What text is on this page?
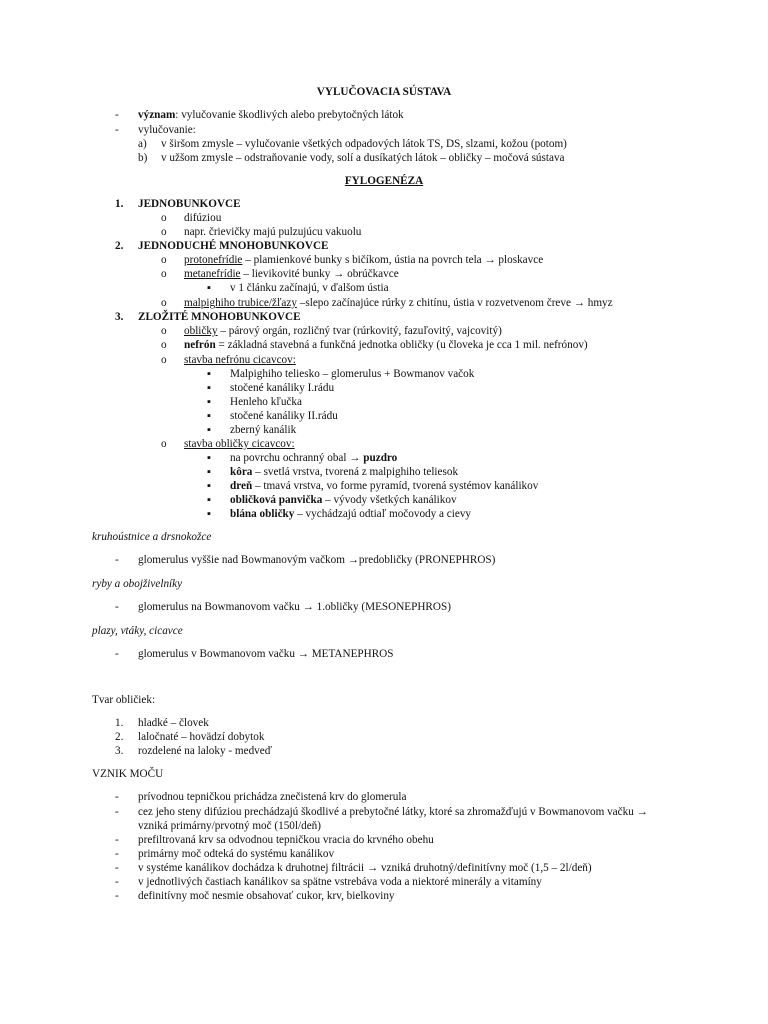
VYLUČOVACIA SÚSTAVA
- význam: vylučovanie škodlivých alebo prebytočných látok
- vylučovanie:
a) v širšom zmysle – vylučovanie všetkých odpadových látok TS, DS, slzami, kožou (potom)
b) v užšom zmysle – odstraňovanie vody, solí a dusíkatých látok – obličky – močová sústava
FYLOGENÉZA
1. JEDNOBUNKOVCE
o difúziou
o napr. črievičky majú pulzujúcu vakuolu
2. JEDNODUCHÉ MNOHOBUNKOVCE
o protonefrídie – plamienkové bunky s bičíkom, ústia na povrch tela → ploskavce
o metanefrídie – lievikovité bunky → obrúčkavce
▪ v 1 článku začínajú, v ďalšom ústia
o malpighiho trubice/žľazy –slepo začínajúce rúrky z chitínu, ústia v rozvetvenom čreve → hmyz
3. ZLOŽITÉ MNOHOBUNKOVCE
o obličky – párový orgán, rozličný tvar (rúrkovitý, fazuľovitý, vajcovitý)
o nefrón = základná stavebná a funkčná jednotka obličky (u človeka je cca 1 mil. nefrónov)
o stavba nefrónu cicavcov:
▪ Malpighiho teliesko – glomerulus + Bowmanov vačok
▪ stočené kanáliky I.rádu
▪ Henleho kľučka
▪ stočené kanáliky II.rádu
▪ zberný kanálik
o stavba obličky cicavcov:
▪ na povrchu ochranný obal → puzdro
▪ kôra – svetlá vrstva, tvorená z malpighiho teliesok
▪ dreň – tmavá vrstva, vo forme pyramíd, tvorená systémov kanálikov
▪ obličková panvička – vývody všetkých kanálikov
▪ blána obličky – vychádzajú odtiaľ močovody a cievy
kruhoústnice a drsnokožce
- glomerulus vyššie nad Bowmanovým vačkom →predobličky (PRONEPHROS)
ryby a obojživelníky
- glomerulus na Bowmanovom vačku → 1.obličky (MESONEPHROS)
plazy, vtáky, cicavce
- glomerulus v Bowmanovom vačku → METANEPHROS
Tvar obličiek:
1. hladké – človek
2. laločnaté – hovädzí dobytok
3. rozdelené na laloky - medveď
VZNIK MOČU
- prívodnou tepničkou prichádza znečistená krv do glomerula
- cez jeho steny difúziou prechádzajú škodlivé a prebytočné látky, ktoré sa zhromažďujú v Bowmanovom vačku →
vzniká primárny/prvotný moč (150l/deň)
- prefiltrovaná krv sa odvodnou tepničkou vracia do krvného obehu
- primárny moč odteká do systému kanálikov
- v systéme kanálikov dochádza k druhotnej filtrácii → vzniká druhotný/definitívny moč (1,5 – 2l/deň)
- v jednotlivých častiach kanálikov sa spätne vstrebáva voda a niektoré minerály a vitamíny
- definitívny moč nesmie obsahovať cukor, krv, bielkoviny
